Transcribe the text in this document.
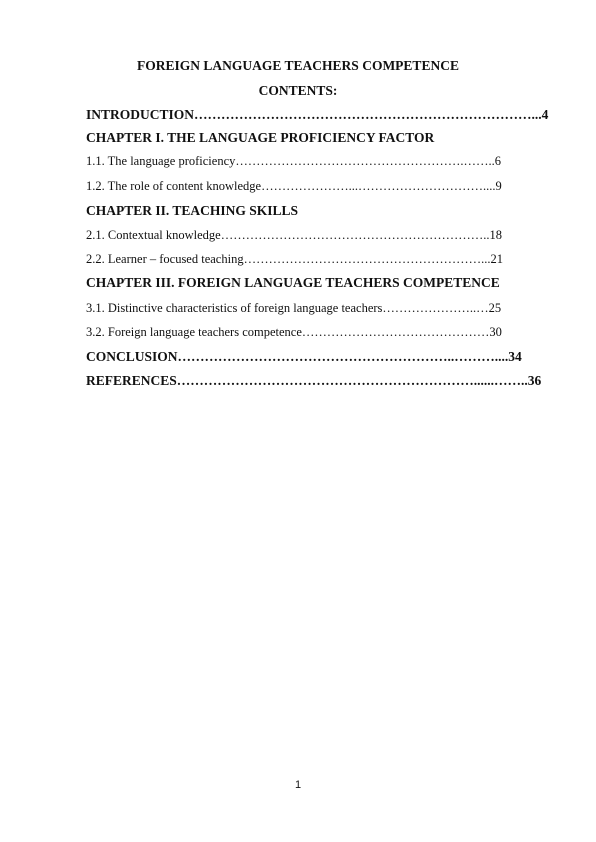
FOREIGN LANGUAGE TEACHERS COMPETENCE
CONTENTS:
INTRODUCTION…………………………………………………………………...4
CHAPTER I. THE LANGUAGE PROFICIENCY FACTOR
1.1. The language proficiency……………………………………………….……..6
1.2. The role of content knowledge…………………...…………………………....9
CHAPTER II. TEACHING SKILLS
2.1. Contextual knowledge………………………………………………………..18
2.2. Learner – focused teaching…………………………………………………...21
CHAPTER III. FOREIGN LANGUAGE TEACHERS COMPETENCE
3.1. Distinctive characteristics of foreign language teachers…………………..…25
3.2. Foreign language teachers competence………………………………………30
CONCLUSION……………………………………………………..………....34
REFERENCES…………………………………………………………......……..36
1
